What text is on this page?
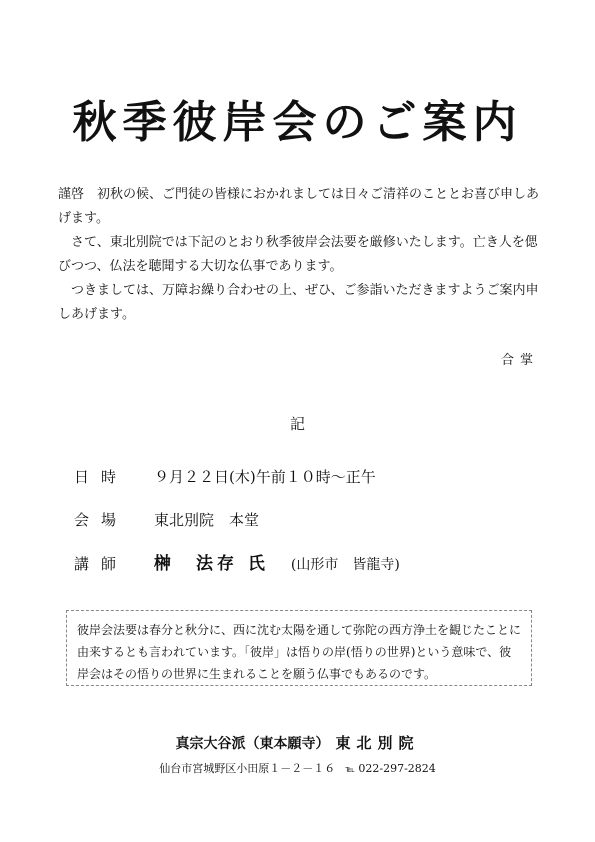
秋季彼岸会のご案内

謹啓　初秋の候、ご門徒の皆様におかれましては日々ご清祥のこととお喜び申しあげます。

さて、東北別院では下記のとおり秋季彼岸会法要を厳修いたします。亡き人を偲びつつ、仏法を聴聞する大切な仏事であります。

つきましては、万障お繰り合わせの上、ぜひ、ご参詣いただきますようご案内申しあげます。

合掌
記
日時	９月２２日(木)午前１０時～正午
会場	東北別院　本堂
講師	榊　法存 氏 (山形市　皆龍寺)
彼岸会法要は春分と秋分に、西に沈む太陽を通して弥陀の西方浄土を観じたことに由来するとも言われています。「彼岸」は悟りの岸(悟りの世界)という意味で、彼岸会はその悟りの世界に生まれることを願う仏事でもあるのです。
真宗大谷派（東本願寺） 東北別院
仙台市宮城野区小田原１－２－１６ ℡ 022-297-2824
